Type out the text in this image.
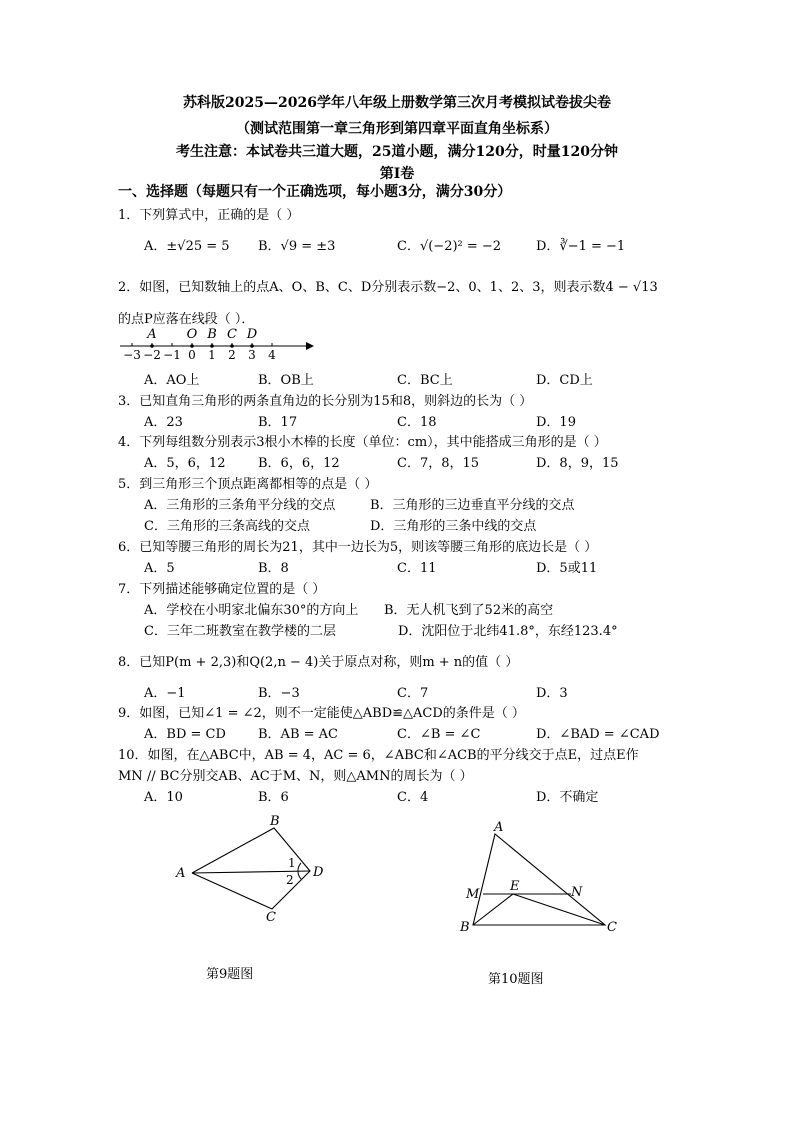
苏科版2025—2026学年八年级上册数学第三次月考模拟试卷拔尖卷
（测试范围第一章三角形到第四章平面直角坐标系）
考生注意：本试卷共三道大题，25道小题，满分120分，时量120分钟
第Ⅰ卷
一、选择题（每题只有一个正确选项，每小题3分，满分30分）
1．下列算式中，正确的是（ ）
A．±√25 = 5 B．√9 = ±3	C．√(−2)² = −2	D．∛−1 = −1
2．如图，已知数轴上的点A、O、B、C、D分别表示数−2、0、1、2、3，则表示数4 − √13
的点P应落在线段（ ）．
−3 −2 −1 0 1 2 3 4
A O B C D
A．AO上	B．OB上	C．BC上	D．CD上
3．已知直角三角形的两条直角边的长分别为15和8，则斜边的长为（ ）
A．23	B．17	C．18	D．19
4．下列每组数分别表示3根小木棒的长度（单位：cm），其中能搭成三角形的是（ ）
A．5，6，12	B．6，6，12	C．7，8，15	D．8，9，15
5．到三角形三个顶点距离都相等的点是（ ）
A．三角形的三条角平分线的交点	B．三角形的三边垂直平分线的交点
C．三角形的三条高线的交点	D．三角形的三条中线的交点
6．已知等腰三角形的周长为21，其中一边长为5，则该等腰三角形的底边长是（ ）
A．5	B．8	C．11	D．5或11
7．下列描述能够确定位置的是（ ）
A．学校在小明家北偏东30°的方向上 B．无人机飞到了52米的高空
C．三年二班教室在教学楼的二层	D．沈阳位于北纬41.8°，东经123.4°
8．已知P(m + 2,3)和Q(2,n − 4)关于原点对称，则m + n的值（ ）
A．−1	B．−3	C．7	D．3
9．如图，已知∠1 = ∠2，则不一定能使△ABD≌△ACD的条件是（ ）
A．BD = CD B．AB = AC	C．∠B = ∠C	D．∠BAD = ∠CAD
10．如图，在△ABC中，AB = 4，AC = 6，∠ABC和∠ACB的平分线交于点E，过点E作
MN // BC分别交AB、AC于M、N，则△AMN的周长为（ ）
A．10	B．6	C．4	D．不确定
A
B
C
D
1
2
第9题图
A
B	C
E
M	N
第10题图
